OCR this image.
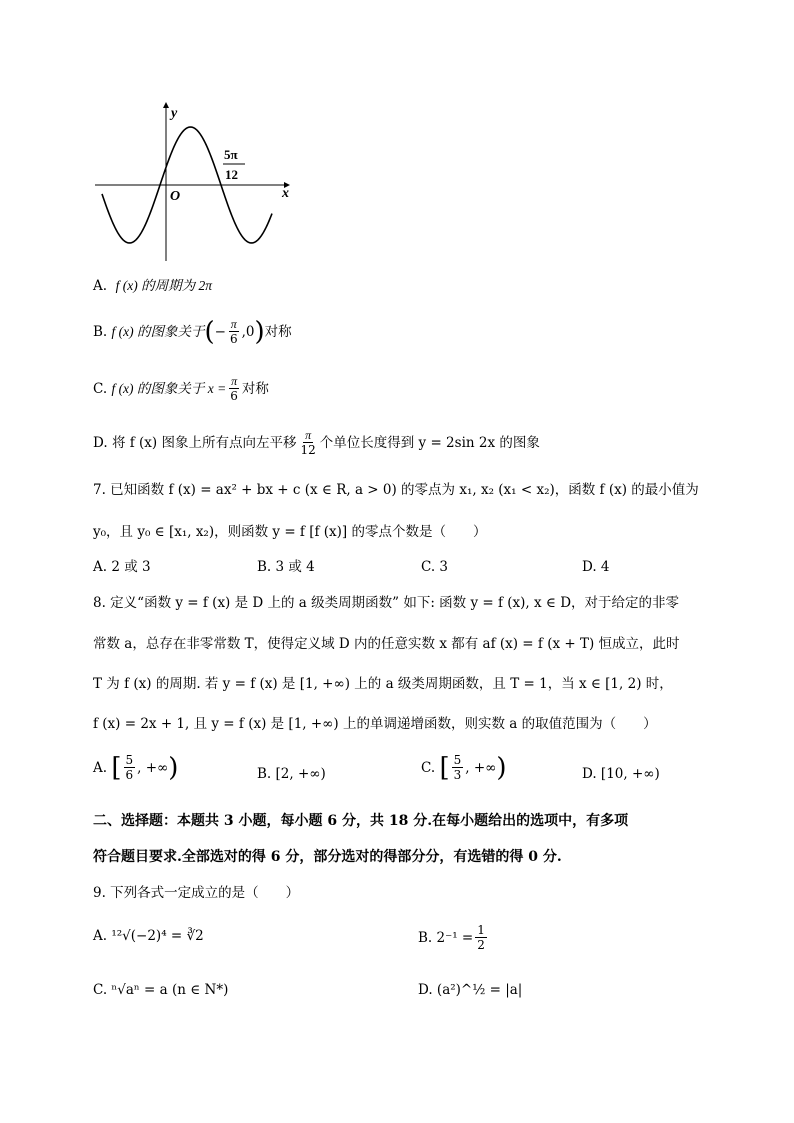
y
x
O
5π
12
A. f (x) 的周期为 2π
B.
f (x) 的图象关于 ( − $\frac{\pi}{6} ,0$ ) 对称
C.
f (x) 的图象关于 $x = \frac{\pi}{6}$ 对称
D.
将 f (x) 图象上所有点向左平移 $\frac{\pi}{12}$ 个单位长度得到 y = 2sin 2x 的图象
7. 已知函数 f (x) = ax² + bx + c (x ∈ R, a > 0) 的零点为 x₁, x₂ (x₁ < x₂)，函数 f (x) 的最小值为
y₀，且 y₀ ∈ [x₁, x₂)，则函数 y = f [f (x)] 的零点个数是（　　）
A. 2 或 3	B. 3 或 4	C. 3	D. 4
8. 定义“函数 y = f (x) 是 D 上的 a 级类周期函数” 如下: 函数 y = f (x), x ∈ D，对于给定的非零
常数 a，总存在非零常数 T，使得定义域 D 内的任意实数 x 都有 af (x) = f (x + T) 恒成立，此时
T 为 f (x) 的周期. 若 y = f (x) 是 [1, +∞) 上的 a 级类周期函数，且 T = 1，当 x ∈ [1, 2) 时，
f (x) = 2x + 1, 且 y = f (x) 是 [1, +∞) 上的单调递增函数，则实数 a 的取值范围为（　　）
A.
[ $\frac{5}{6}$ , +∞ )	B. [2, +∞)	C.
[ $\frac{5}{3}$ , +∞ )	D. [10, +∞)
二、选择题：本题共 3 小题，每小题 6 分，共 18 分.在每小题给出的选项中，有多项
符合题目要求.全部选对的得 6 分，部分选对的得部分分，有选错的得 0 分.
9. 下列各式一定成立的是（　　）
A. ¹²√(−2)⁴ = ∛2	B. $2^{-1} = \frac{1}{2}$
C. ⁿ√aⁿ = a (n ∈ N*)	D. (a²)^½ = |a|
